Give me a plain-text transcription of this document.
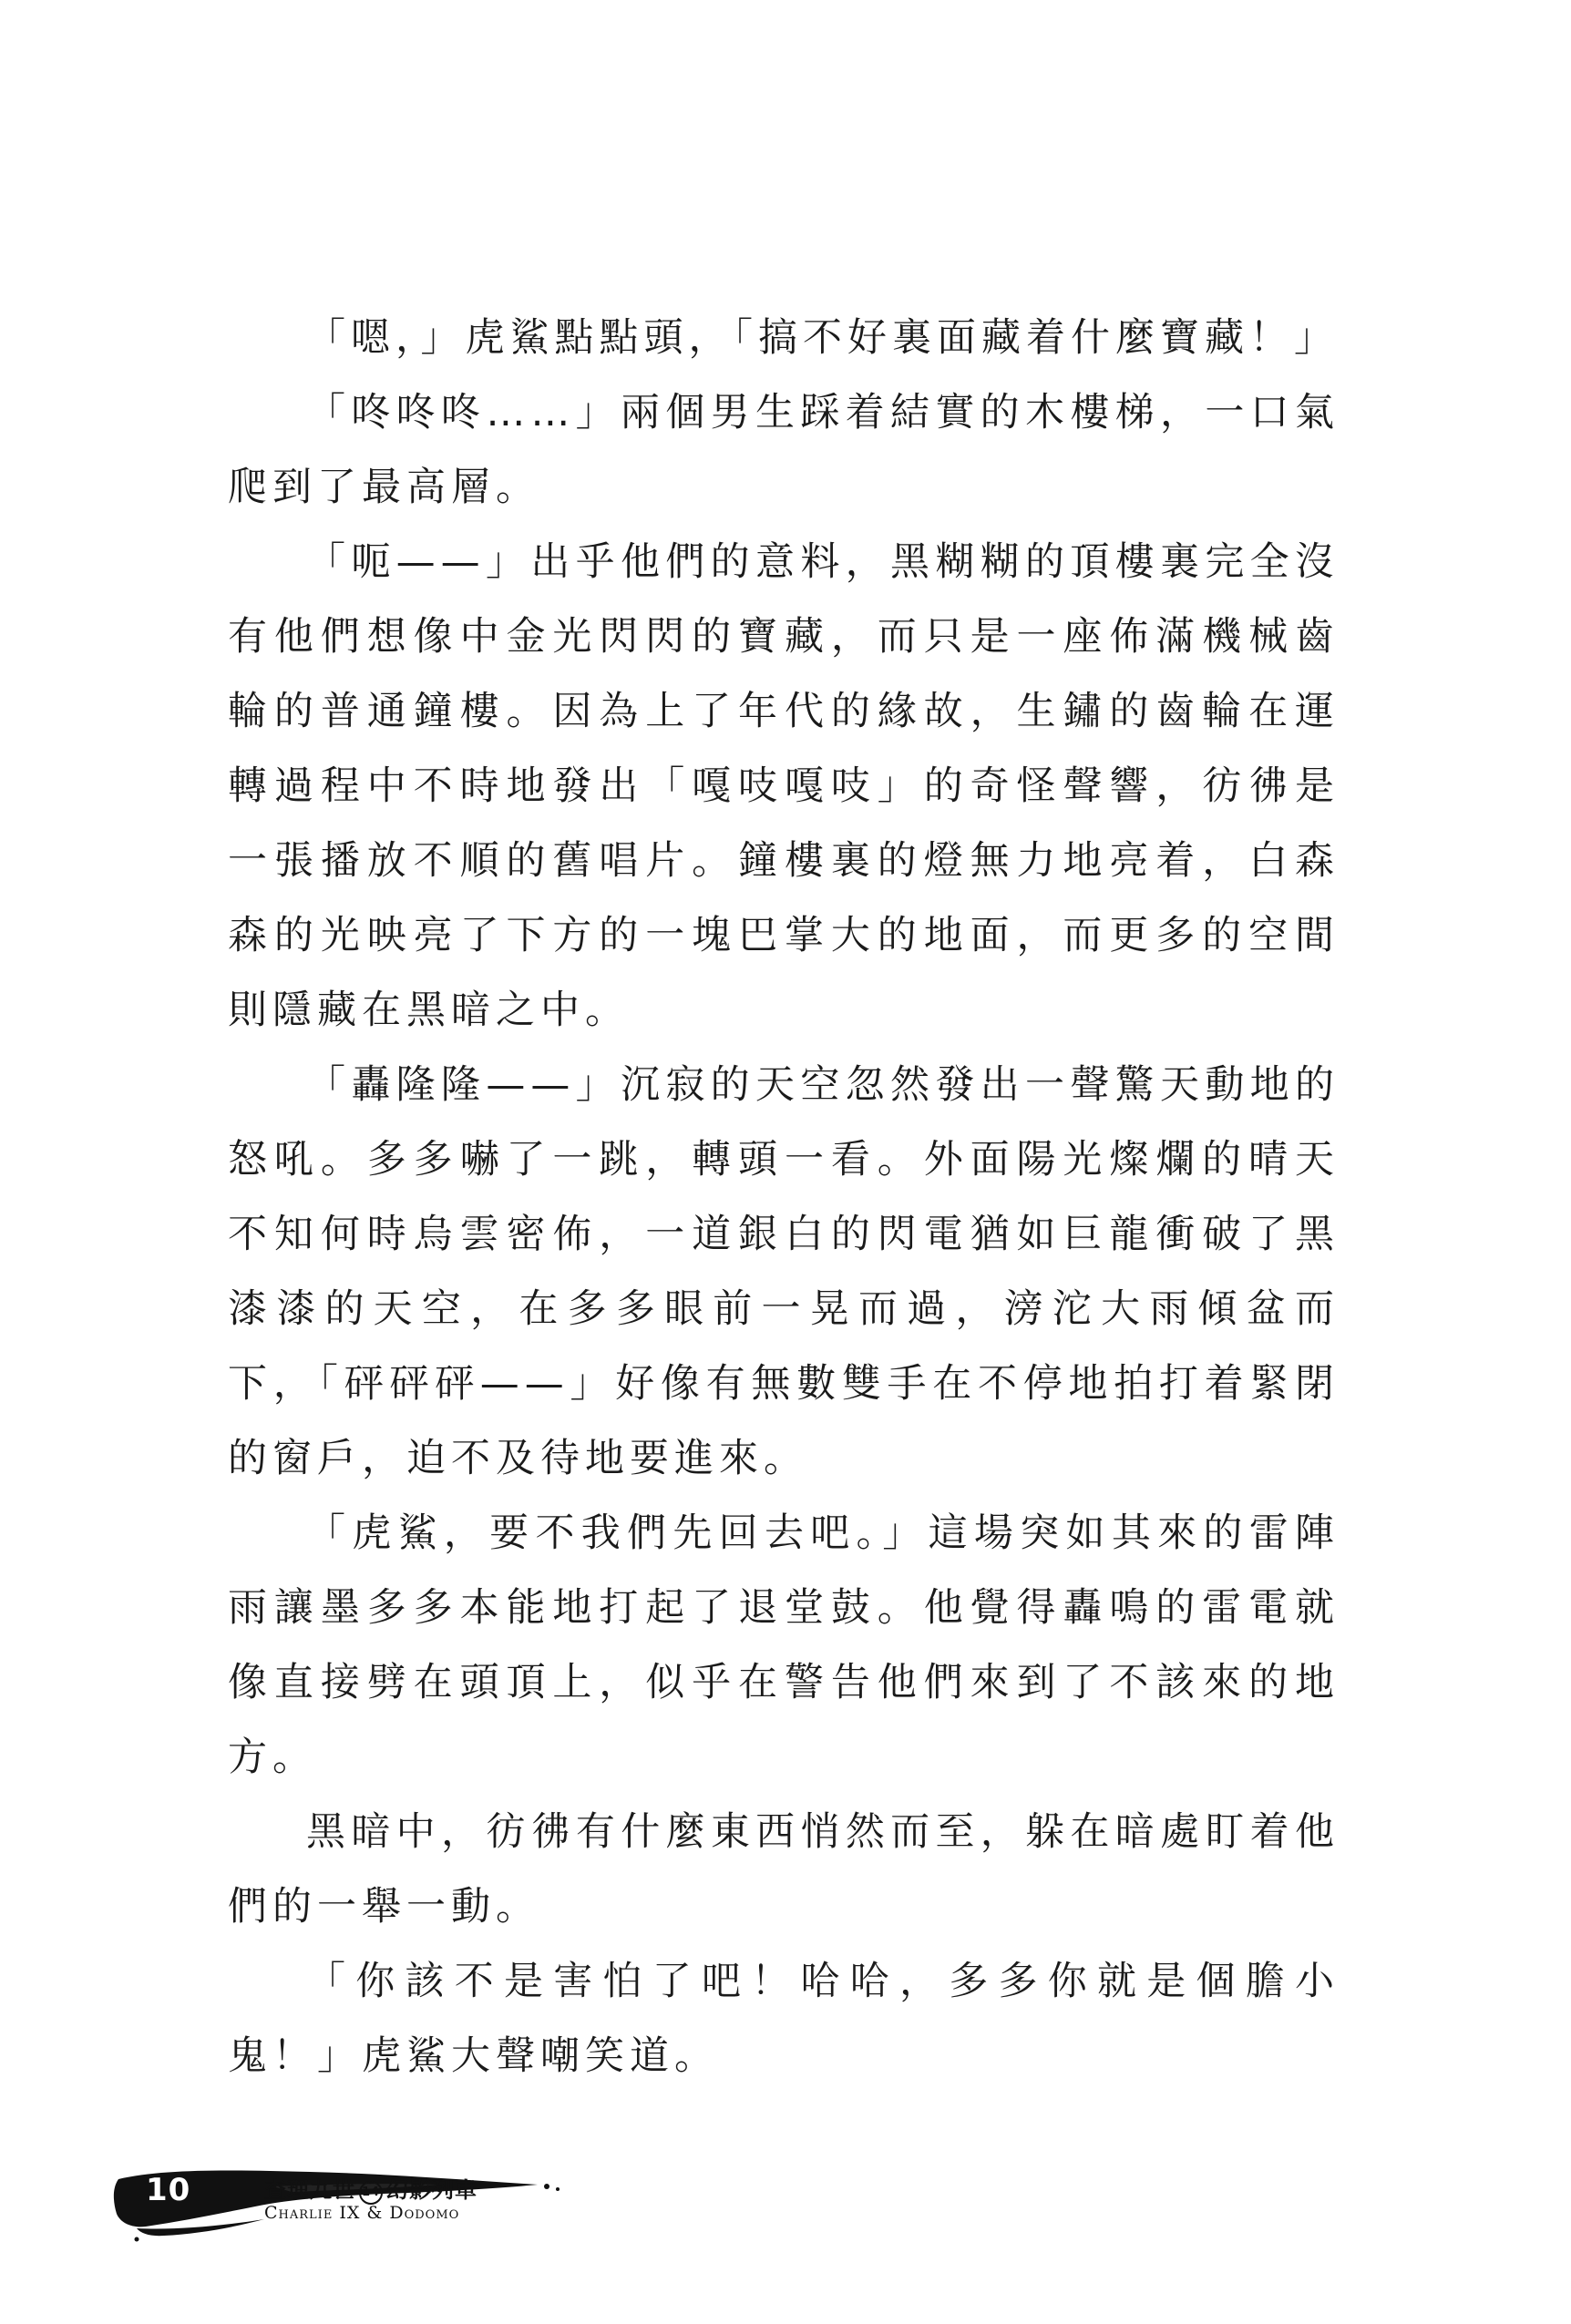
「嗯，」虎鯊點點頭，「搞不好裏面藏着什麼寶藏！」

「咚咚咚……」兩個男生踩着結實的木樓梯，一口氣爬到了最高層。

「呃——」出乎他們的意料，黑糊糊的頂樓裏完全沒有他們想像中金光閃閃的寶藏，而只是一座佈滿機械齒輪的普通鐘樓。因為上了年代的緣故，生鏽的齒輪在運轉過程中不時地發出「嘎吱嘎吱」的奇怪聲響，彷彿是一張播放不順的舊唱片。鐘樓裏的燈無力地亮着，白森森的光映亮了下方的一塊巴掌大的地面，而更多的空間則隱藏在黑暗之中。

「轟隆隆——」沉寂的天空忽然發出一聲驚天動地的怒吼。多多嚇了一跳，轉頭一看。外面陽光燦爛的晴天不知何時烏雲密佈，一道銀白的閃電猶如巨龍衝破了黑漆漆的天空，在多多眼前一晃而過，滂沱大雨傾盆而下，「砰砰砰——」好像有無數雙手在不停地拍打着緊閉的窗戶，迫不及待地要進來。

「虎鯊，要不我們先回去吧。」這場突如其來的雷陣雨讓墨多多本能地打起了退堂鼓。他覺得轟鳴的雷電就像直接劈在頭頂上，似乎在警告他們來到了不該來的地方。

黑暗中，彷彿有什麼東西悄然而至，躲在暗處盯着他們的一舉一動。

「你該不是害怕了吧！哈哈，多多你就是個膽小鬼！」虎鯊大聲嘲笑道。

10	查理九世 14 幻影列車
Charlie IX & Dodomo
